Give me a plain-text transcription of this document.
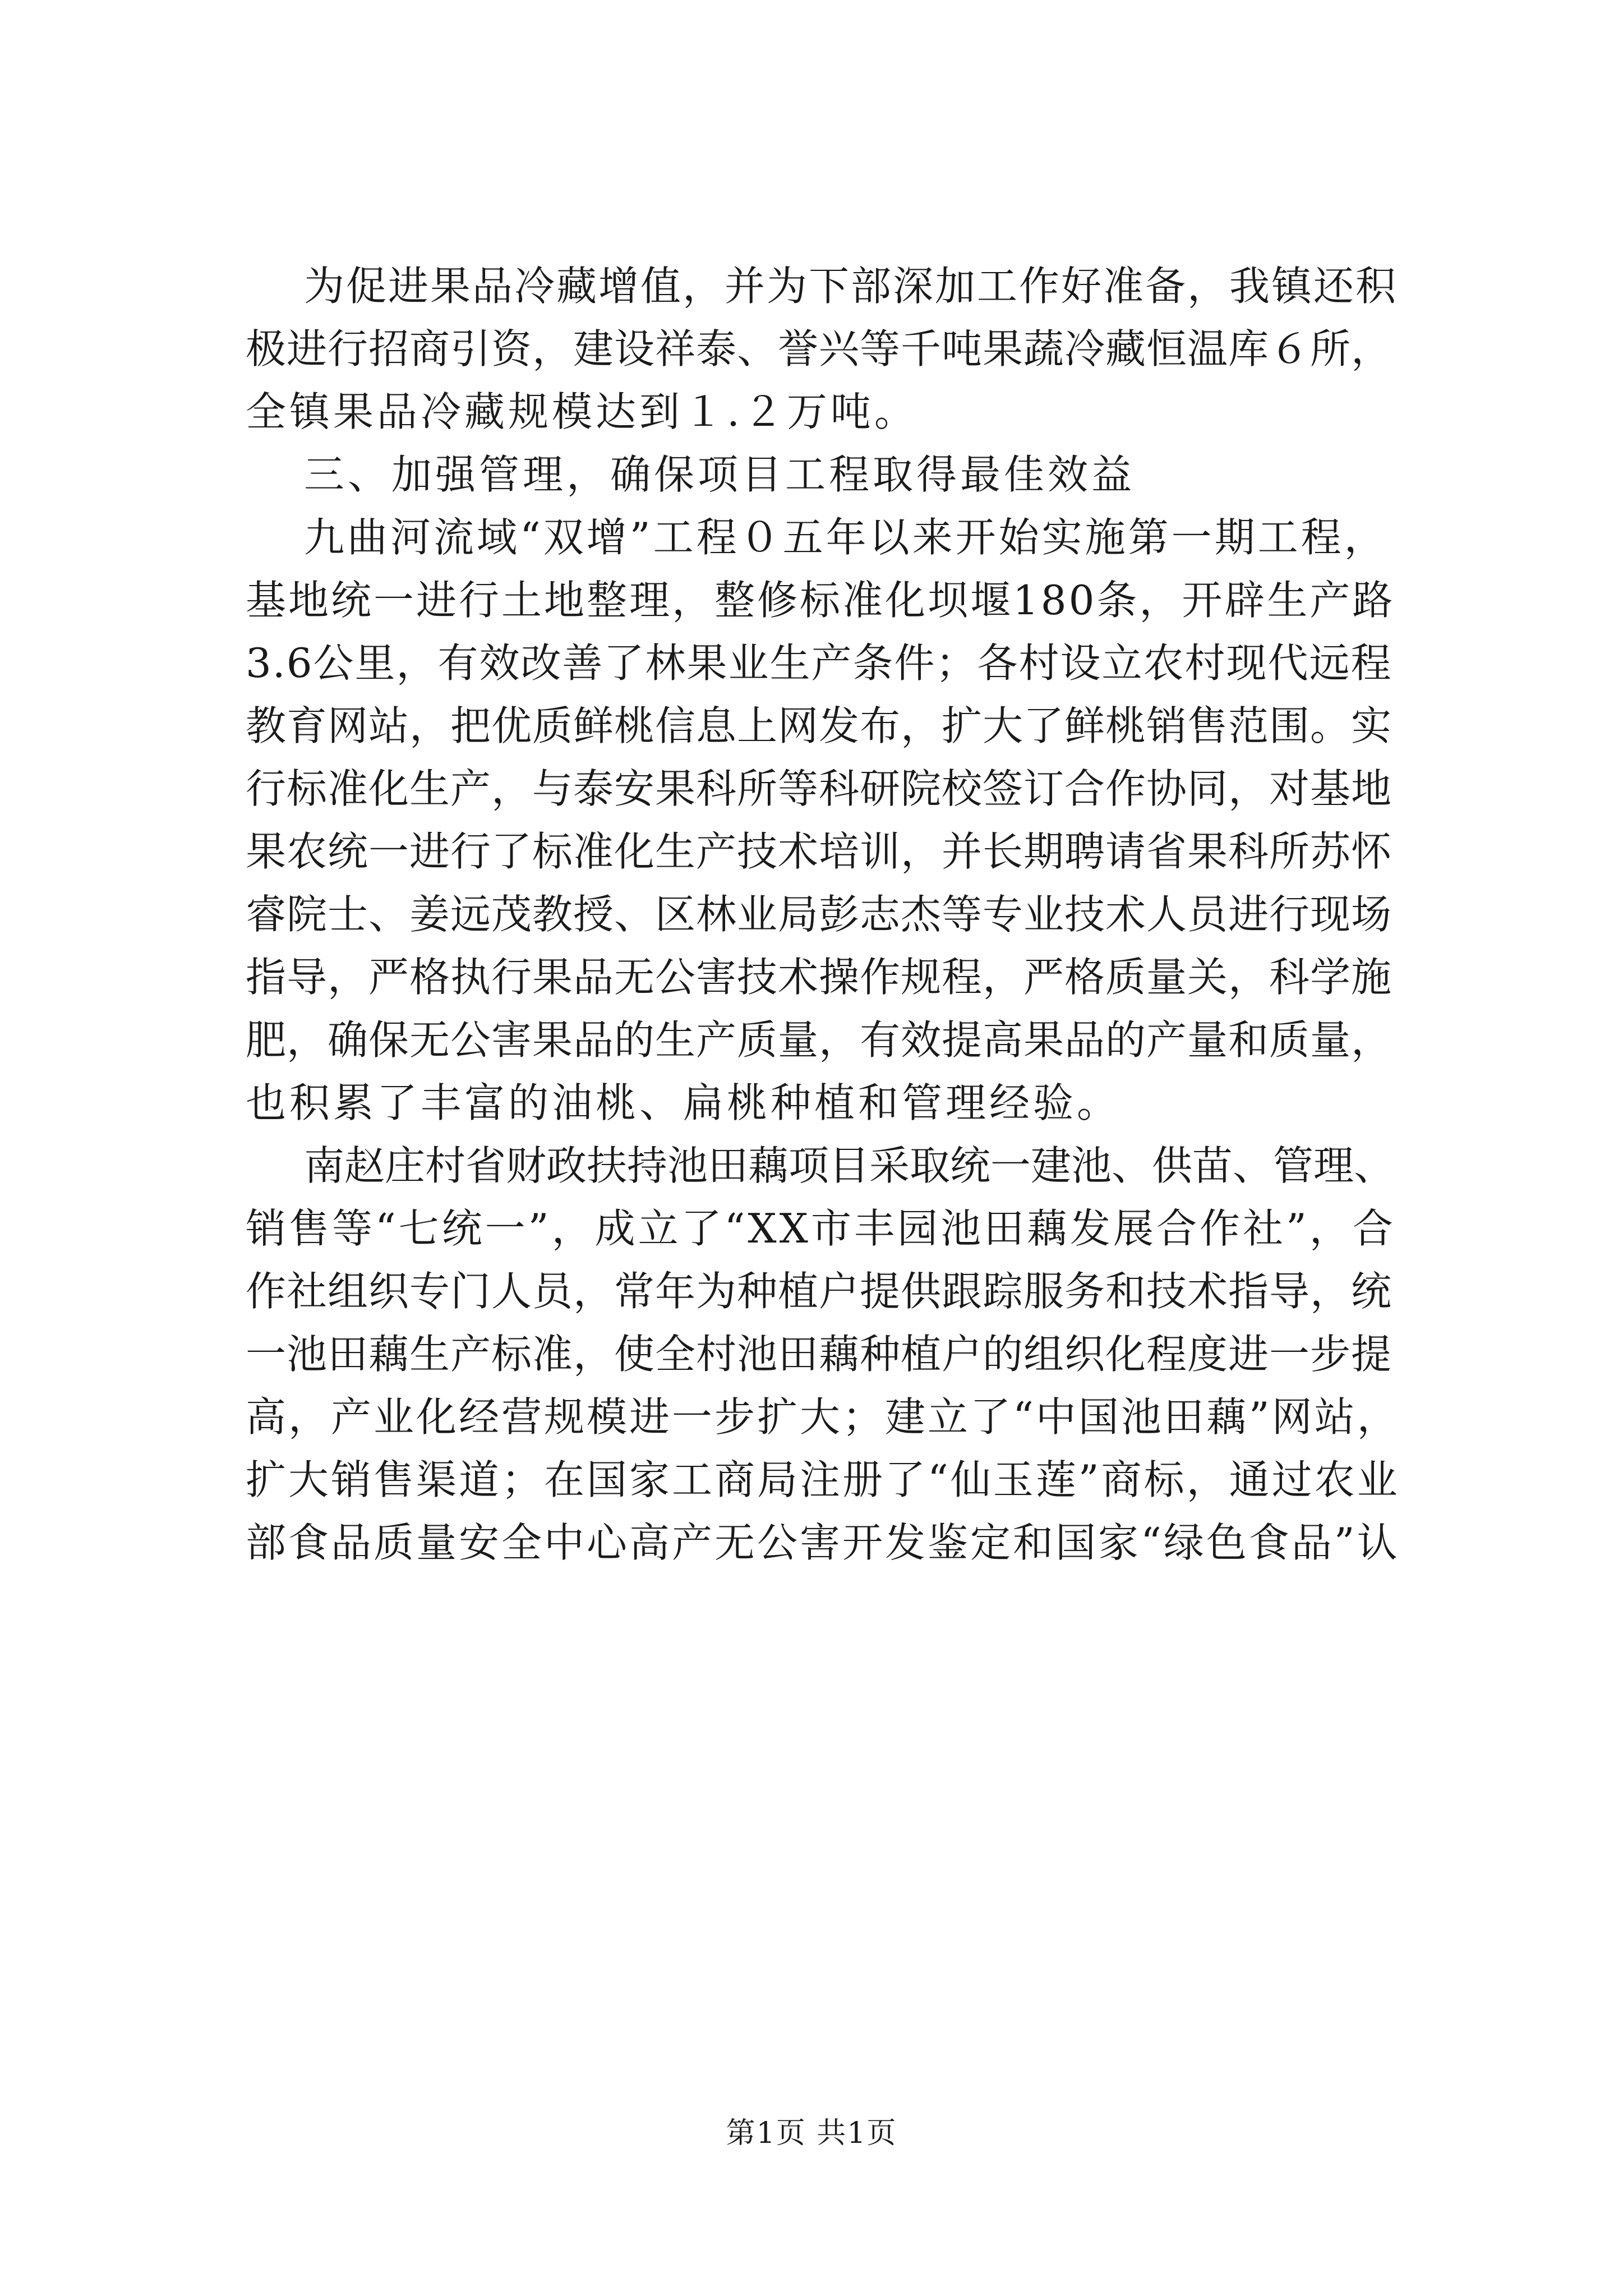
为促进果品冷藏增值，并为下部深加工作好准备，我镇还积
极进行招商引资，建设祥泰、誉兴等千吨果蔬冷藏恒温库６所，
全镇果品冷藏规模达到１.２万吨。
三、加强管理，确保项目工程取得最佳效益
九曲河流域“双增”工程０五年以来开始实施第一期工程，
基地统一进行土地整理，整修标准化坝堰180条，开辟生产路
3.6公里，有效改善了林果业生产条件；各村设立农村现代远程
教育网站，把优质鲜桃信息上网发布，扩大了鲜桃销售范围。实
行标准化生产，与泰安果科所等科研院校签订合作协同，对基地
果农统一进行了标准化生产技术培训，并长期聘请省果科所苏怀
睿院士、姜远茂教授、区林业局彭志杰等专业技术人员进行现场
指导，严格执行果品无公害技术操作规程，严格质量关，科学施
肥，确保无公害果品的生产质量，有效提高果品的产量和质量，
也积累了丰富的油桃、扁桃种植和管理经验。
南赵庄村省财政扶持池田藕项目采取统一建池、供苗、管理、
销售等“七统一”，成立了“XX市丰园池田藕发展合作社”，合
作社组织专门人员，常年为种植户提供跟踪服务和技术指导，统
一池田藕生产标准，使全村池田藕种植户的组织化程度进一步提
高，产业化经营规模进一步扩大；建立了“中国池田藕”网站，
扩大销售渠道；在国家工商局注册了“仙玉莲”商标，通过农业
部食品质量安全中心高产无公害开发鉴定和国家“绿色食品”认
第1页 共1页
